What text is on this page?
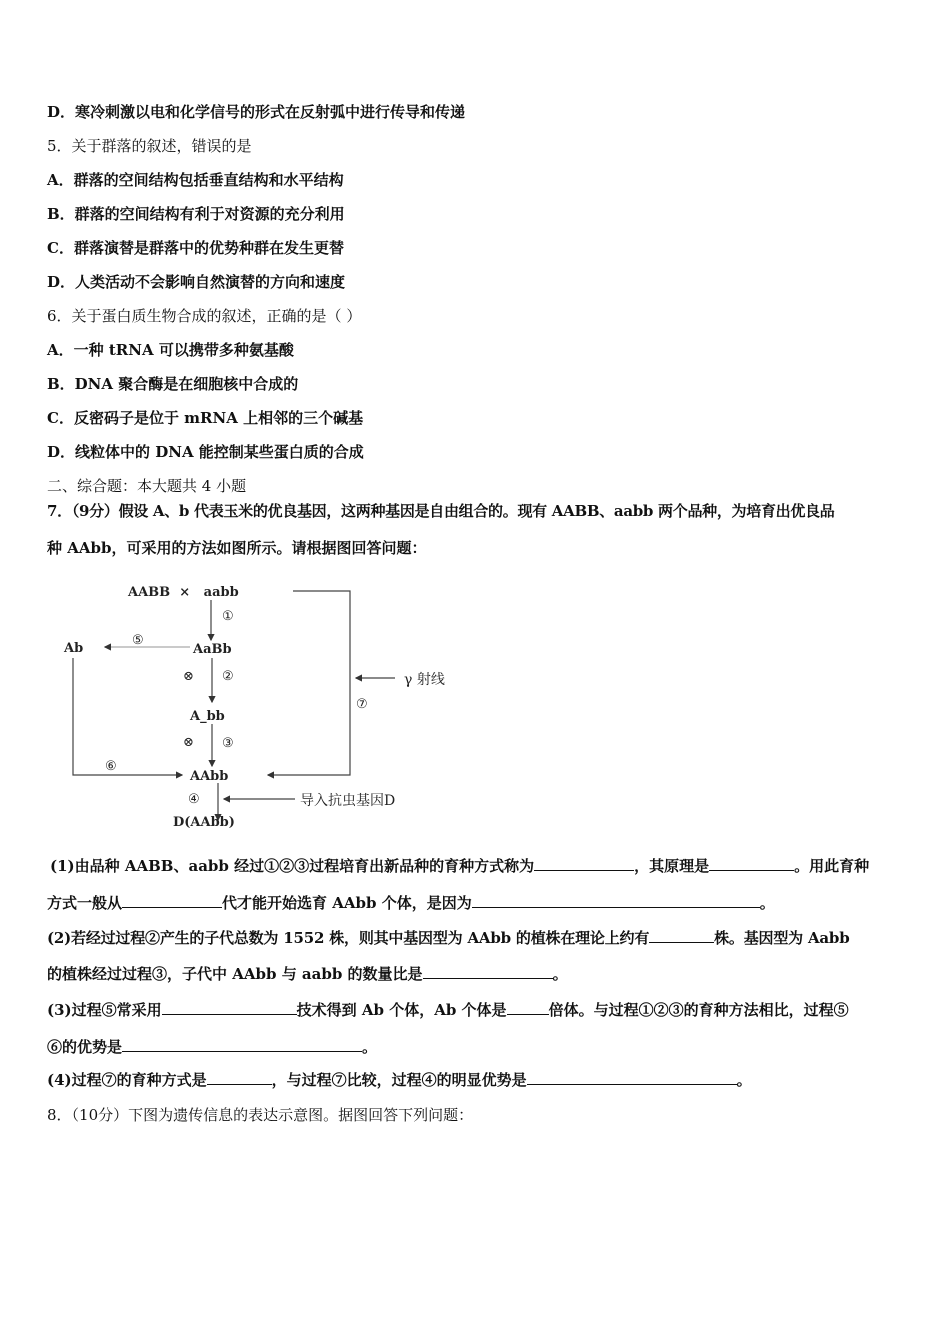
D．寒冷刺激以电和化学信号的形式在反射弧中进行传导和传递
5．关于群落的叙述，错误的是
A．群落的空间结构包括垂直结构和水平结构
B．群落的空间结构有利于对资源的充分利用
C．群落演替是群落中的优势种群在发生更替
D．人类活动不会影响自然演替的方向和速度
6．关于蛋白质生物合成的叙述，正确的是（ ）
A．一种 tRNA 可以携带多种氨基酸
B．DNA 聚合酶是在细胞核中合成的
C．反密码子是位于 mRNA 上相邻的三个碱基
D．线粒体中的 DNA 能控制某些蛋白质的合成
二、综合题：本大题共 4 小题
7．（9分）假设 A、b 代表玉米的优良基因，这两种基因是自由组合的。现有 AABB、aabb 两个品种，为培育出优良品
种 AAbb，可采用的方法如图所示。请根据图回答问题：
AABB  ×   aabb
AaBb
Ab
A_bb
AAbb
D(AAbb)
①
⑤
⊗ ②
⑦
⊗ ③
⑥
④
γ 射线
导入抗虫基因D
(1)由品种 AABB、aabb 经过①②③过程培育出新品种的育种方式称为	，其原理是	。用此育种
方式一般从	代才能开始选育 AAbb 个体，是因为	。
(2)若经过过程②产生的子代总数为 1552 株，则其中基因型为 AAbb 的植株在理论上约有	株。基因型为 Aabb
的植株经过过程③，子代中 AAbb 与 aabb 的数量比是	。
(3)过程⑤常采用	技术得到 Ab 个体，Ab 个体是	倍体。与过程①②③的育种方法相比，过程⑤
⑥的优势是	。
(4)过程⑦的育种方式是	，与过程⑦比较，过程④的明显优势是	。
8．（10分）下图为遗传信息的表达示意图。据图回答下列问题：
